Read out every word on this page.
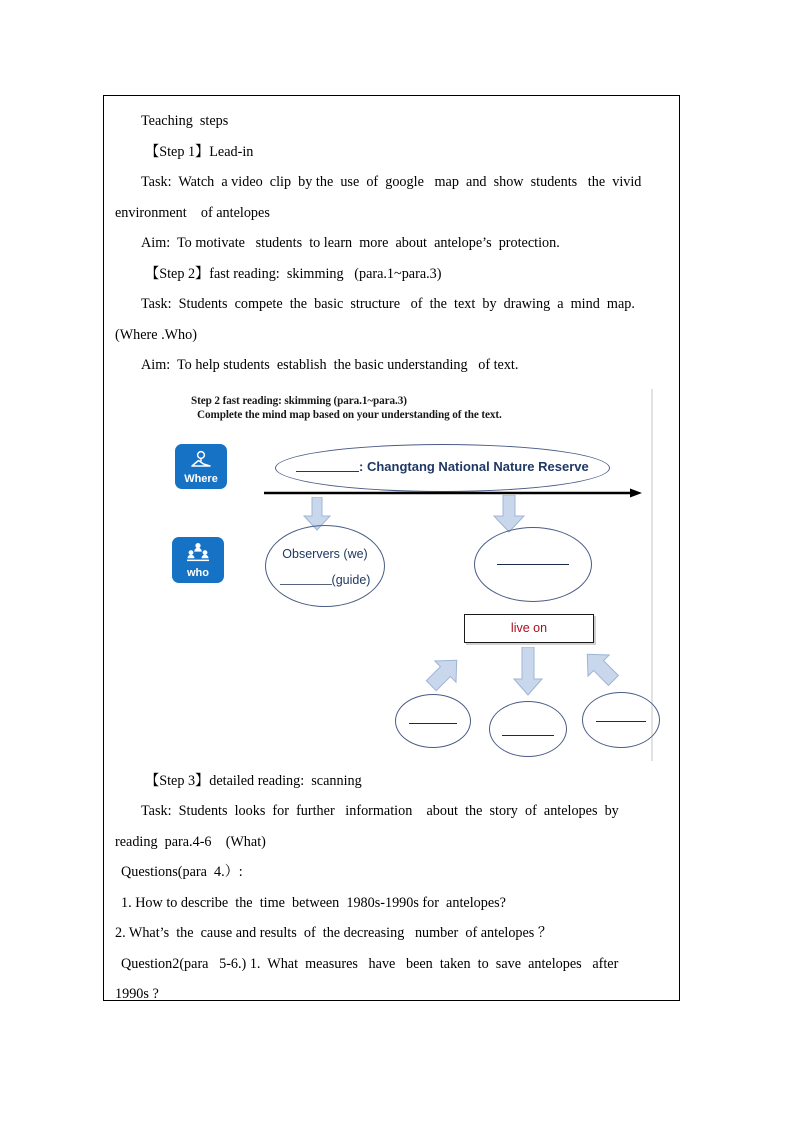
Teaching  steps

【Step 1】Lead-in

Task:  Watch  a video  clip  by the  use  of  google   map  and  show  students   the  vivid

environment    of antelopes

Aim:  To motivate   students  to learn  more  about  antelope’s  protection.

【Step 2】fast reading:  skimming   (para.1~para.3)

Task:  Students  compete  the  basic  structure   of  the  text  by  drawing  a  mind  map.

(Where .Who)

Aim:  To help students  establish  the basic understanding   of text.

Step 2 fast reading: skimming (para.1~para.3)
Complete the mind map based on your understanding of the text.
Where
who
: Changtang National Nature Reserve
Observers (we)
(guide)
live on

【Step 3】detailed reading:  scanning

Task:  Students  looks  for  further   information    about  the  story  of  antelopes  by

reading  para.4-6    (What)

Questions(para  4.）:

1. How to describe  the  time  between  1980s-1990s for  antelopes?

2. What’s  the  cause and results  of  the decreasing   number  of antelopes ？

Question2(para   5-6.) 1.  What  measures   have   been  taken  to  save  antelopes   after

1990s ?
